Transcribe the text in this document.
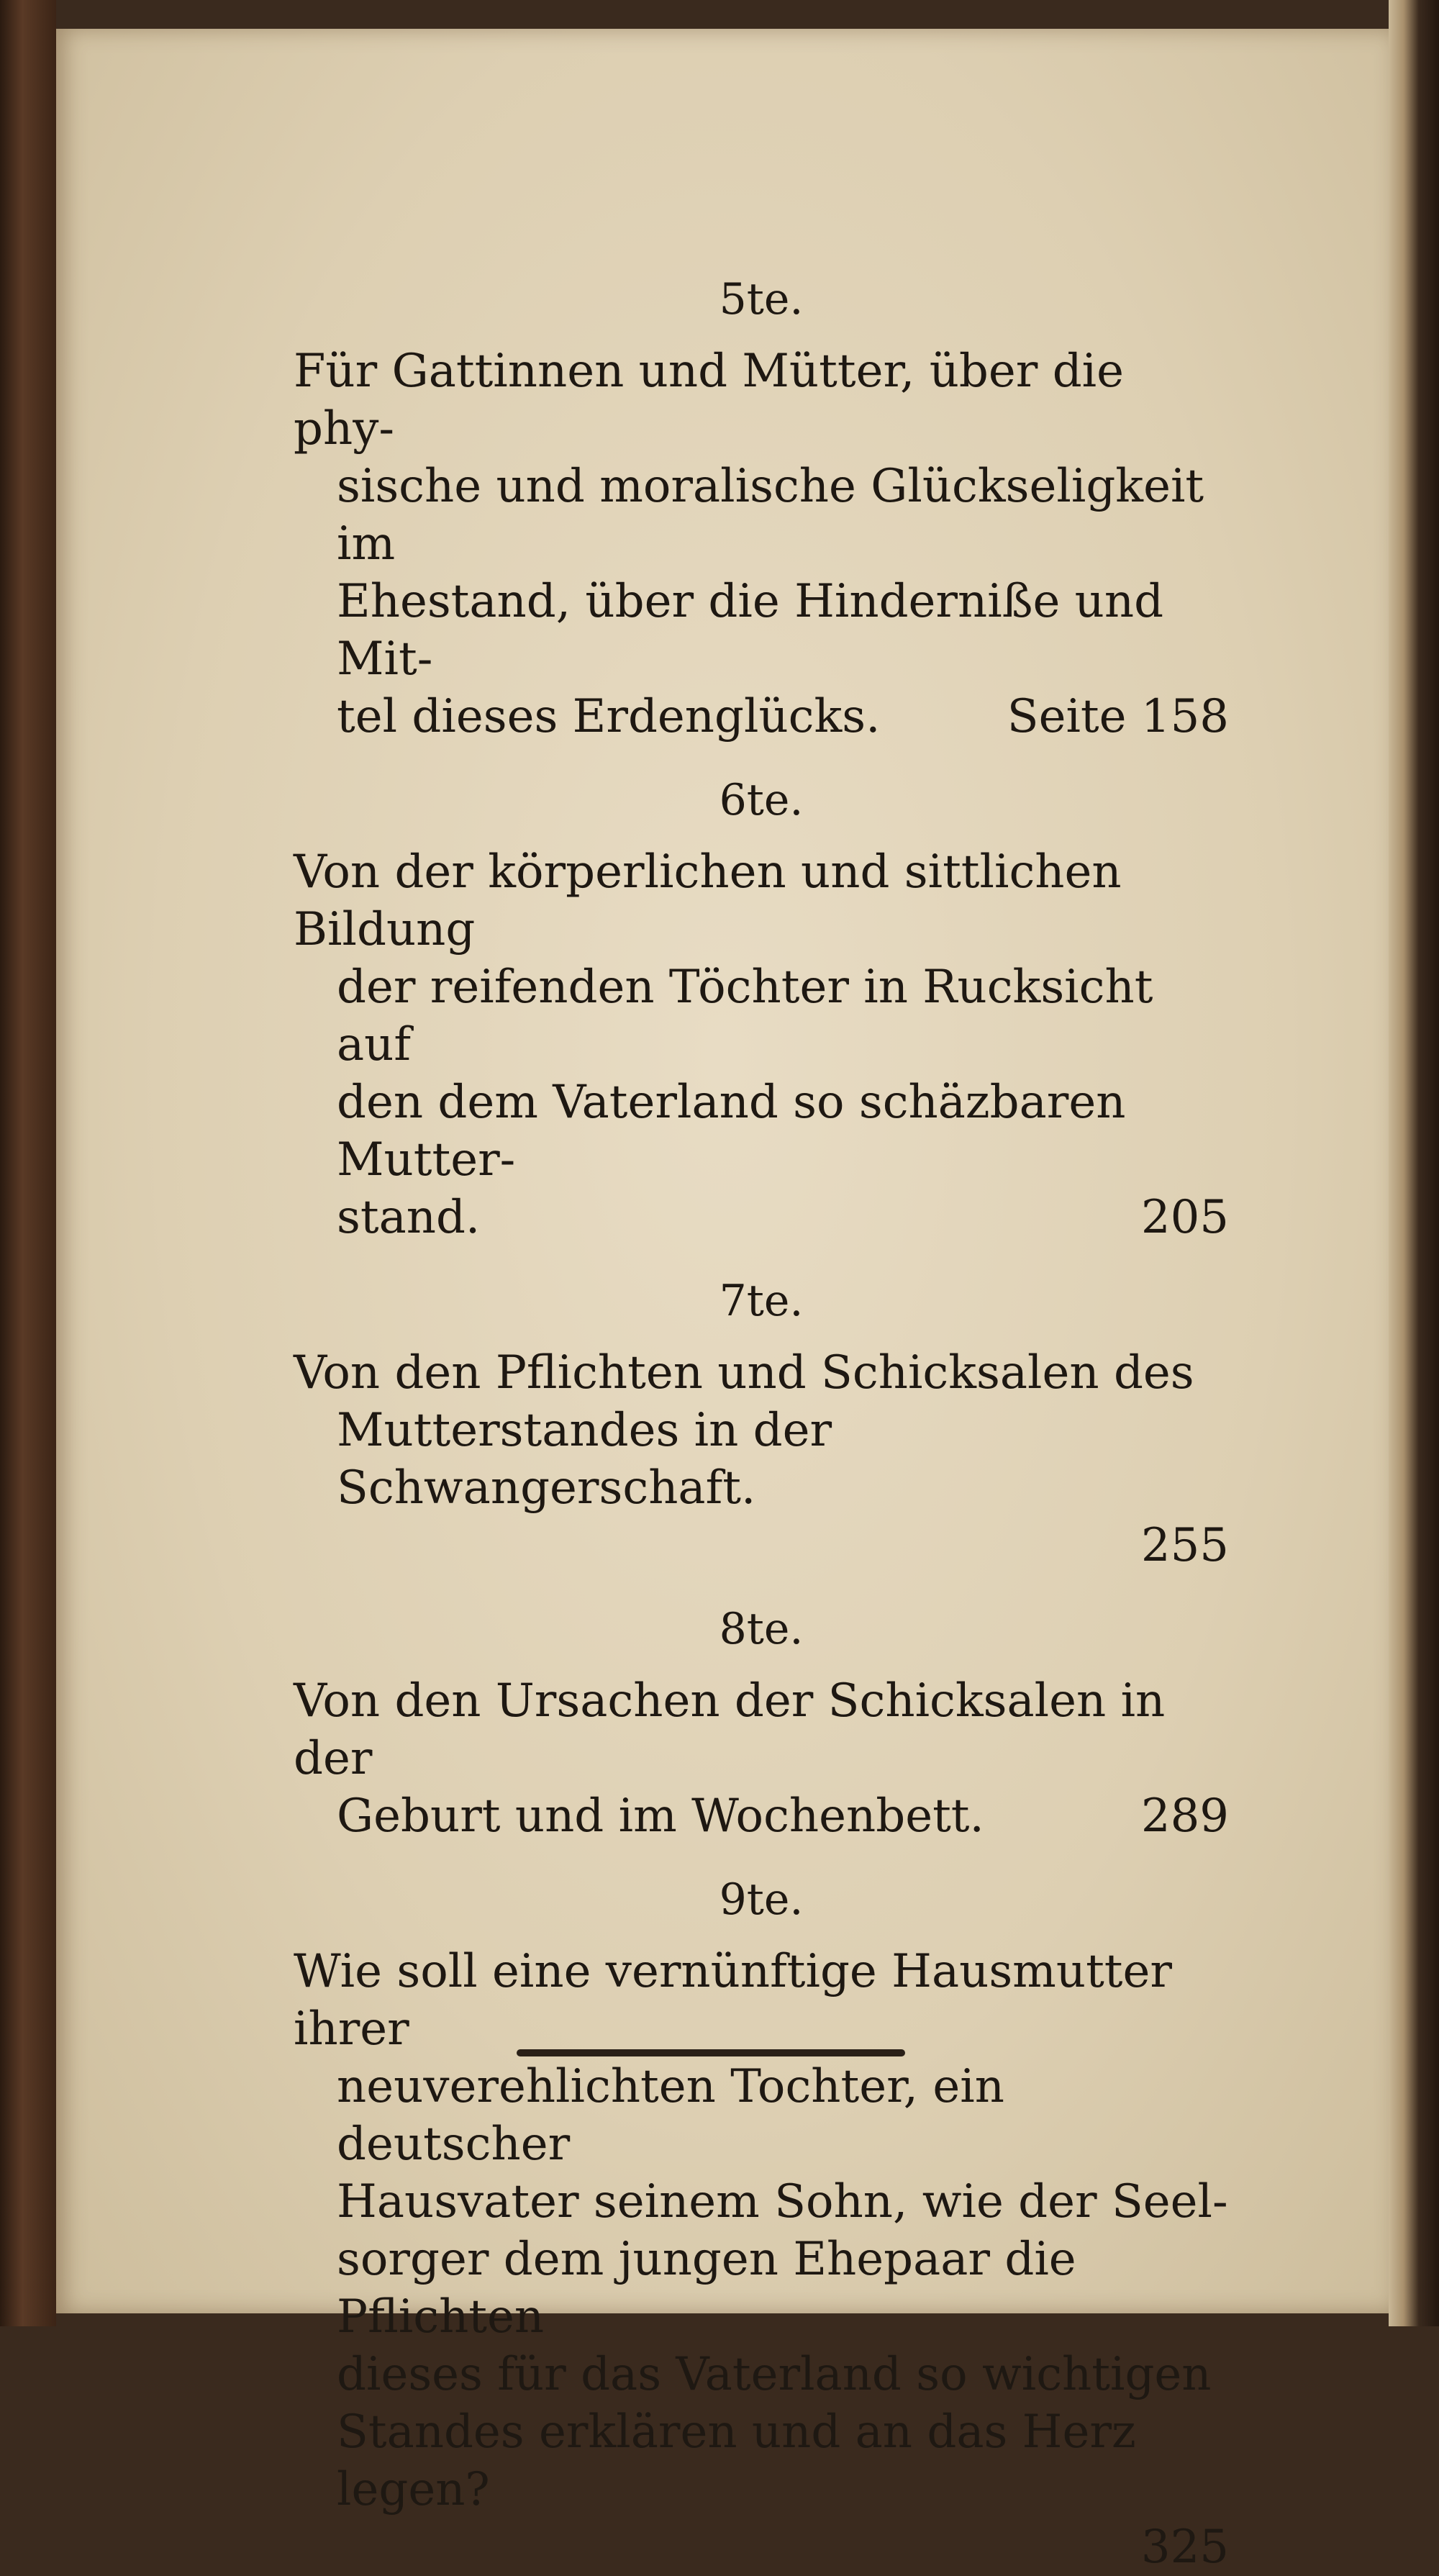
5te.
Für Gattinnen und Mütter, über die phy-
sische und moralische Glückseligkeit im
Ehestand, über die Hinderniße und Mit-
tel dieses Erdenglücks.	Seite 158
6te.
Von der körperlichen und sittlichen Bildung
der reifenden Töchter in Rucksicht auf
den dem Vaterland so schäzbaren Mutter-
stand.	205
7te.
Von den Pflichten und Schicksalen des
Mutterstandes in der Schwangerschaft.
255
8te.
Von den Ursachen der Schicksalen in der
Geburt und im Wochenbett.	289
9te.
Wie soll eine vernünftige Hausmutter ihrer
neuverehlichten Tochter, ein deutscher
Hausvater seinem Sohn, wie der Seel-
sorger dem jungen Ehepaar die Pflichten
dieses für das Vaterland so wichtigen
Standes erklären und an das Herz legen?
325
